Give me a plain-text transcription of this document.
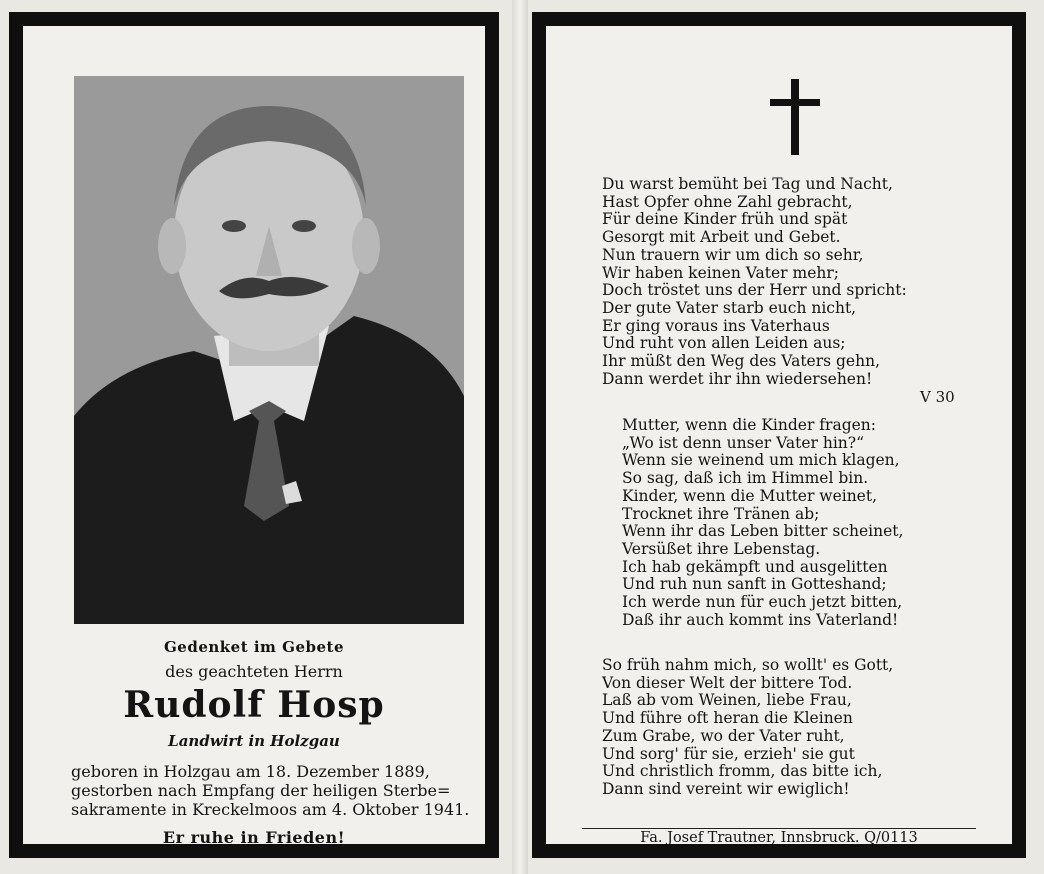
Gedenket im Gebete
des geachteten Herrn
Rudolf Hosp
Landwirt in Holzgau
geboren in Holzgau am 18. Dezember 1889,
gestorben nach Empfang der heiligen Sterbe=
sakramente in Kreckelmoos am 4. Oktober 1941.
Er ruhe in Frieden!
Du warst bemüht bei Tag und Nacht,
Hast Opfer ohne Zahl gebracht,
Für deine Kinder früh und spät
Gesorgt mit Arbeit und Gebet.
Nun trauern wir um dich so sehr,
Wir haben keinen Vater mehr;
Doch tröstet uns der Herr und spricht:
Der gute Vater starb euch nicht,
Er ging voraus ins Vaterhaus
Und ruht von allen Leiden aus;
Ihr müßt den Weg des Vaters gehn,
Dann werdet ihr ihn wiedersehen!
V 30
Mutter, wenn die Kinder fragen:
„Wo ist denn unser Vater hin?“
Wenn sie weinend um mich klagen,
So sag, daß ich im Himmel bin.
Kinder, wenn die Mutter weinet,
Trocknet ihre Tränen ab;
Wenn ihr das Leben bitter scheinet,
Versüßet ihre Lebenstag.
Ich hab gekämpft und ausgelitten
Und ruh nun sanft in Gotteshand;
Ich werde nun für euch jetzt bitten,
Daß ihr auch kommt ins Vaterland!
So früh nahm mich, so wollt' es Gott,
Von dieser Welt der bittere Tod.
Laß ab vom Weinen, liebe Frau,
Und führe oft heran die Kleinen
Zum Grabe, wo der Vater ruht,
Und sorg' für sie, erzieh' sie gut
Und christlich fromm, das bitte ich,
Dann sind vereint wir ewiglich!
Fa. Josef Trautner, Innsbruck. Q/0113
